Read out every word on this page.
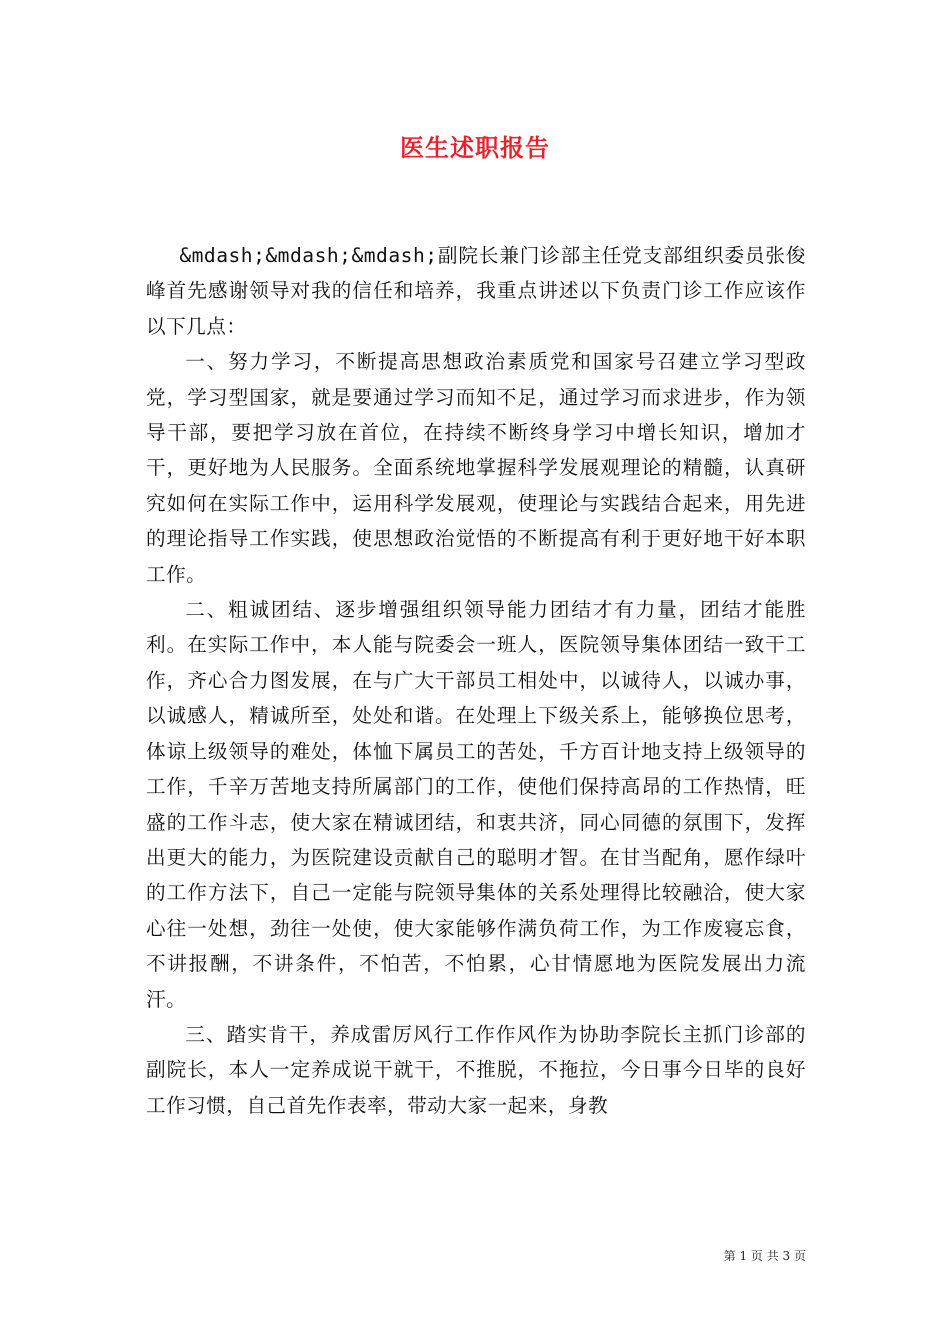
医生述职报告

&mdash;&mdash;&mdash;副院长兼门诊部主任党支部组织委员张俊峰首先感谢领导对我的信任和培养，我重点讲述以下负责门诊工作应该作以下几点：

一、努力学习，不断提高思想政治素质党和国家号召建立学习型政党，学习型国家，就是要通过学习而知不足，通过学习而求进步，作为领导干部，要把学习放在首位，在持续不断终身学习中增长知识，增加才干，更好地为人民服务。全面系统地掌握科学发展观理论的精髓，认真研究如何在实际工作中，运用科学发展观，使理论与实践结合起来，用先进的理论指导工作实践，使思想政治觉悟的不断提高有利于更好地干好本职工作。

二、粗诚团结、逐步增强组织领导能力团结才有力量，团结才能胜利。在实际工作中，本人能与院委会一班人，医院领导集体团结一致干工作，齐心合力图发展，在与广大干部员工相处中，以诚待人，以诚办事，以诚感人，精诚所至，处处和谐。在处理上下级关系上，能够换位思考，体谅上级领导的难处，体恤下属员工的苦处，千方百计地支持上级领导的工作，千辛万苦地支持所属部门的工作，使他们保持高昂的工作热情，旺盛的工作斗志，使大家在精诚团结，和衷共济，同心同德的氛围下，发挥出更大的能力，为医院建设贡献自己的聪明才智。在甘当配角，愿作绿叶的工作方法下，自己一定能与院领导集体的关系处理得比较融洽，使大家心往一处想，劲往一处使，使大家能够作满负荷工作，为工作废寝忘食，不讲报酬，不讲条件，不怕苦，不怕累，心甘情愿地为医院发展出力流汗。

三、踏实肯干，养成雷厉风行工作作风作为协助李院长主抓门诊部的副院长，本人一定养成说干就干，不推脱，不拖拉，今日事今日毕的良好工作习惯，自己首先作表率，带动大家一起来，身教

第 1 页 共 3 页
